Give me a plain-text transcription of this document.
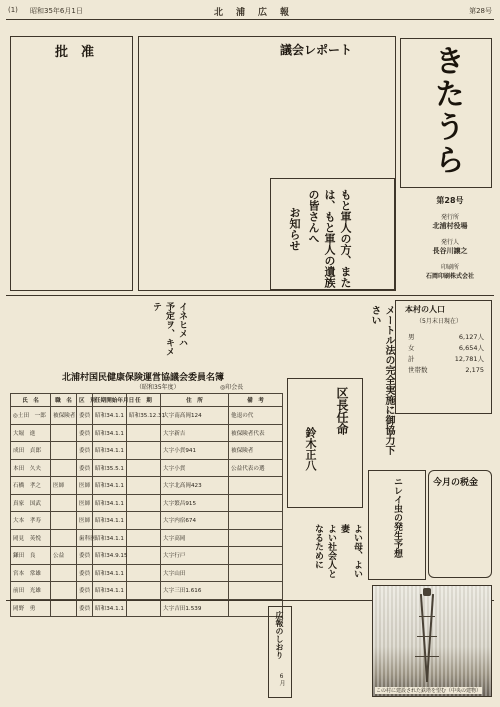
(1) 昭和35年6月1日	北　浦　広　報	第28号
批　准	議会レポート	きたうら
第28号
発行所
北浦村役場
発行人
長谷川譲之
印刷所
石岡印刷株式会社
もと軍人の方、また
は、もと軍人の遺族
の皆さんへ
お知らせ
メートル法の完全実施に御協力下さい	本村の人口
（5月末日現在）
男	6,127人
女	6,654人
計	12,781人
世帯数	2,175
今月の税金
イネヒメハ　予定ヲ、キメテ
北浦村国民健康保険運営協議会委員名簿
（昭和35年度）	◎印会長
氏　名	職　名	区　別	任期開始年月日	任　期	住　所	備　考
◎土田　一郎	被保険者	委員	昭和34.1.1	昭和35.12.31	大字南高岡124	他退の代
大堀　進		委員	昭和34.1.1		大字新吉	被保険者代表
成田　貞郎		委員	昭和34.1.1		大字小貫941	被保険者
本田　久夫		委員	昭和35.5.1		大字小貫	公益代表の選
石橋　孝之	医師	医師	昭和34.1.1		大字北高岡423	
真家　国武		医師	昭和34.1.1		大字繁昌915	
大本　孝寿		医師	昭和34.1.1		大字内宿674	
岡見　英悦		歯科医	昭和34.1.1		大字高岡	
鎌田　良	公益	委員	昭和34.9.15		大字行戸	
宮本　常雄		委員	昭和34.1.1		大字山田	
前田　光雄		委員	昭和34.1.1		大字三田1.616	
岡野　勇		委員	昭和34.1.1		大字吉田1.539	
区長任命
鈴木正八
ニレイ虫の発生予想
よい母、よい妻
よい社会人と
なるために
広報のしおり
6月
この村に建設された鉄塔を望む（中央の建物）
